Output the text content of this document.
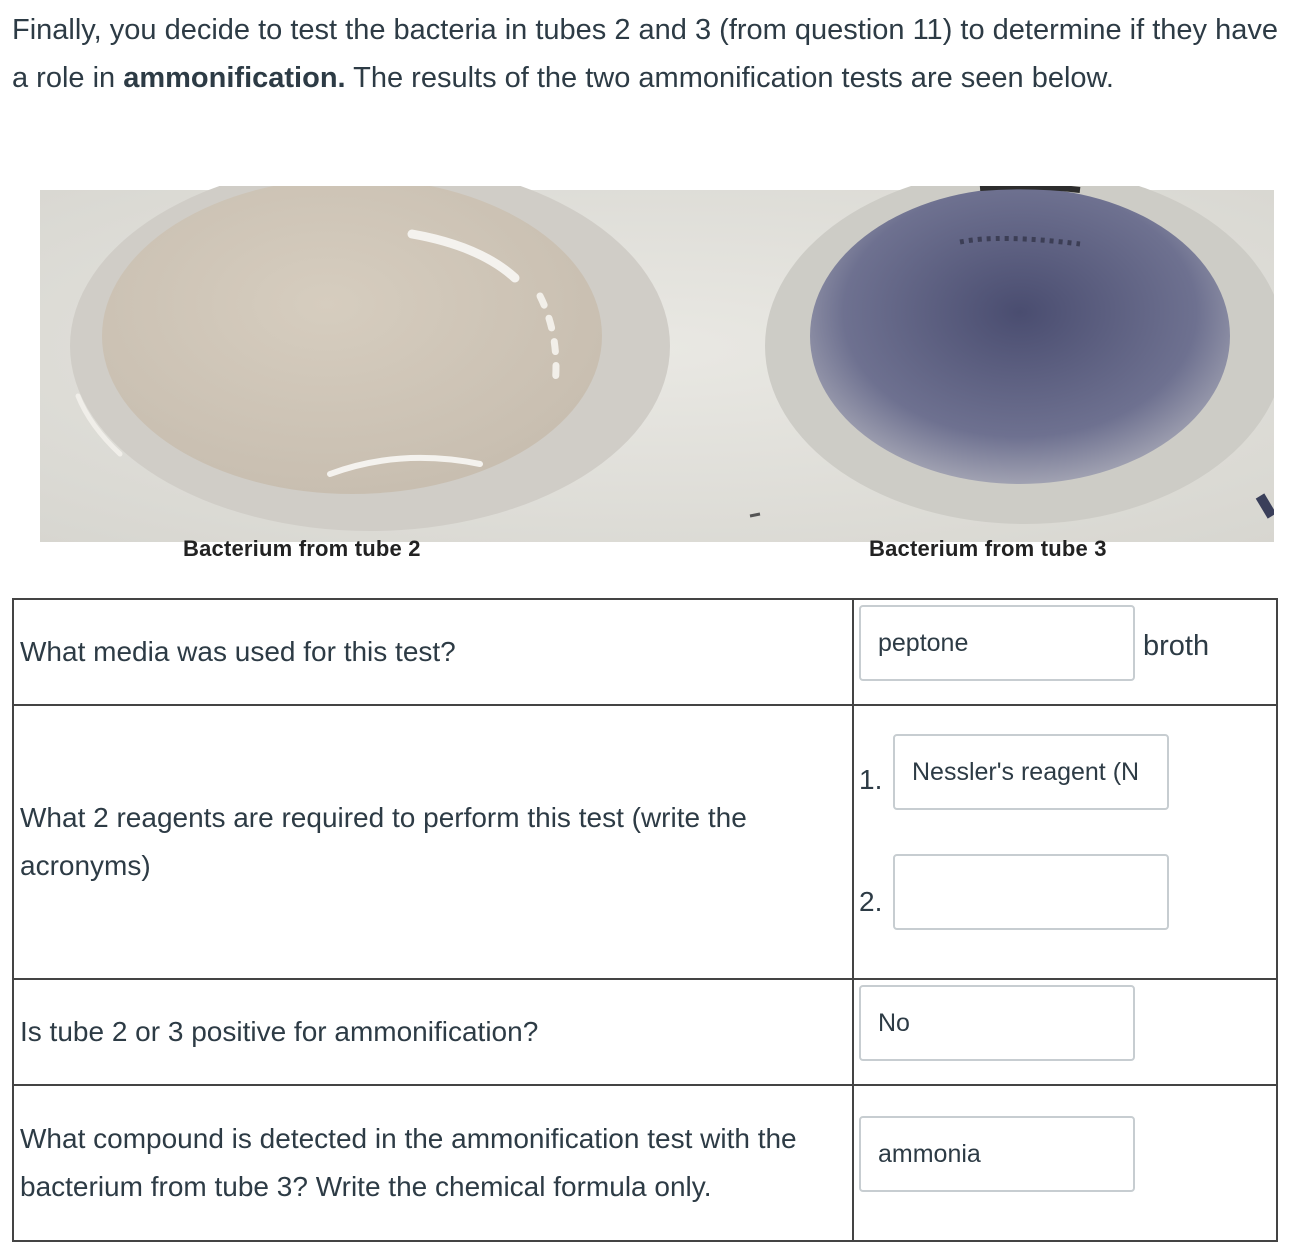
Finally, you decide to test the bacteria in tubes 2 and 3 (from question 11) to determine if they have a role in ammonification. The results of the two ammonification tests are seen below.
Bacterium from tube 2	Bacterium from tube 3
What media was used for this test?	peptone broth

What 2 reagents are required to perform this test (write the acronyms)	1. Nessler's reagent (N
2.

Is tube 2 or 3 positive for ammonification?	No

What compound is detected in the ammonification test with the bacterium from tube 3? Write the chemical formula only.	ammonia
